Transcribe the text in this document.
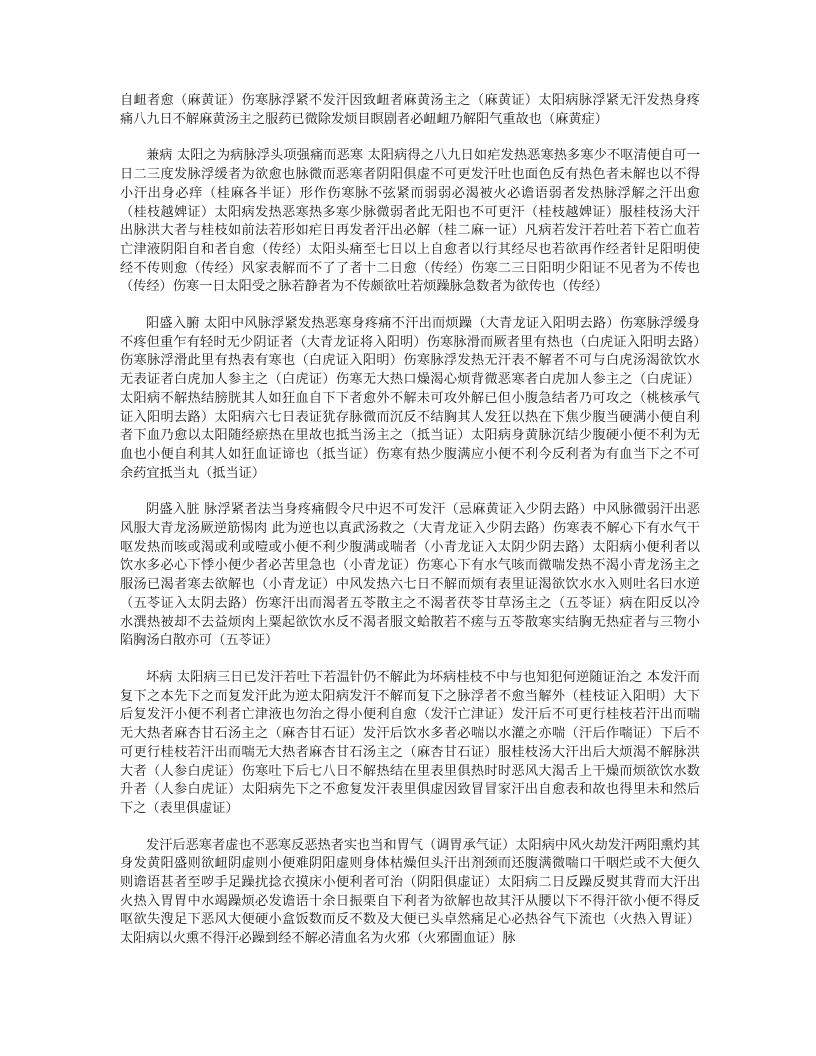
自衄者愈（麻黄证）伤寒脉浮紧不发汗因致衄者麻黄汤主之（麻黄证）太阳病脉浮紧无汗发热身疼痛八九日不解麻黄汤主之服药已微除发烦目瞑剧者必衄衄乃解阳气重故也（麻黄症）

兼病 太阳之为病脉浮头项强痛而恶寒 太阳病得之八九日如疟发热恶寒热多寒少不呕清便自可一日二三度发脉浮缓者为欲愈也脉微而恶寒者阴阳俱虚不可更发汗吐也面色反有热色者未解也以不得小汗出身必痒（桂麻各半证）形作伤寒脉不弦紧而弱弱必渴被火必谵语弱者发热脉浮解之汗出愈（桂枝越婢证）太阳病发热恶寒热多寒少脉微弱者此无阳也不可更汗（桂枝越婢证）服桂枝汤大汗出脉洪大者与桂枝如前法若形如疟日再发者汗出必解（桂二麻一证）凡病若发汗若吐若下若亡血若亡津液阴阳自和者自愈（传经）太阳头痛至七日以上自愈者以行其经尽也若欲再作经者针足阳明使经不传则愈（传经）风家表解而不了了者十二日愈（传经）伤寒二三日阳明少阳证不见者为不传也（传经）伤寒一日太阳受之脉若静者为不传颇欲吐若烦躁脉急数者为欲传也（传经）

阳盛入腑 太阳中风脉浮紧发热恶寒身疼痛不汗出而烦躁（大青龙证入阳明去路）伤寒脉浮缓身不疼但重乍有轻时无少阴证者（大青龙证将入阳明）伤寒脉滑而厥者里有热也（白虎证入阳明去路）伤寒脉浮滑此里有热表有寒也（白虎证入阳明）伤寒脉浮发热无汗表不解者不可与白虎汤渴欲饮水无表证者白虎加人参主之（白虎证）伤寒无大热口燥渴心烦背微恶寒者白虎加人参主之（白虎证）太阳病不解热结膀胱其人如狂血自下下者愈外不解未可攻外解已但小腹急结者乃可攻之（桃核承气证入阳明去路）太阳病六七日表证犹存脉微而沉反不结胸其人发狂以热在下焦少腹当硬满小便自利者下血乃愈以太阳随经瘀热在里故也抵当汤主之（抵当证）太阳病身黄脉沉结少腹硬小便不利为无血也小便自利其人如狂血证谛也（抵当证）伤寒有热少腹满应小便不利今反利者为有血当下之不可余药宜抵当丸（抵当证）

阴盛入脏 脉浮紧者法当身疼痛假令尺中迟不可发汗（忌麻黄证入少阴去路）中风脉微弱汗出恶风服大青龙汤厥逆筋惕肉 此为逆也以真武汤救之（大青龙证入少阴去路）伤寒表不解心下有水气干呕发热而咳或渴或利或噎或小便不利少腹满或喘者（小青龙证入太阴少阴去路）太阳病小便利者以饮水多必心下悸小便少者必苦里急也（小青龙证）伤寒心下有水气咳而微喘发热不渴小青龙汤主之服汤已渴者寒去欲解也（小青龙证）中风发热六七日不解而烦有表里证渴欲饮水水入则吐名曰水逆（五苓证入太阴去路）伤寒汗出而渴者五苓散主之不渴者茯苓甘草汤主之（五苓证）病在阳反以冷水潠热被却不去益烦肉上粟起欲饮水反不渴者服文蛤散若不瘥与五苓散寒实结胸无热症者与三物小陷胸汤白散亦可（五苓证）

坏病 太阳病三日已发汗若吐下若温针仍不解此为坏病桂枝不中与也知犯何逆随证治之 本发汗而复下之本先下之而复发汗此为逆太阳病发汗不解而复下之脉浮者不愈当解外（桂枝证入阳明）大下后复发汗小便不利者亡津液也勿治之得小便利自愈（发汗亡津证）发汗后不可更行桂枝若汗出而喘无大热者麻杏甘石汤主之（麻杏甘石证）发汗后饮水多者必喘以水灌之亦喘（汗后作喘证）下后不可更行桂枝若汗出而喘无大热者麻杏甘石汤主之（麻杏甘石证）服桂枝汤大汗出后大烦渴不解脉洪大者（人参白虎证）伤寒吐下后七八日不解热结在里表里俱热时时恶风大渴舌上干燥而烦欲饮水数升者（人参白虎证）太阳病先下之不愈复发汗表里俱虚因致冒冒家汗出自愈表和故也得里未和然后下之（表里俱虚证）

发汗后恶寒者虚也不恶寒反恶热者实也当和胃气（调胃承气证）太阳病中风火劫发汗两阳熏灼其身发黄阳盛则欲衄阴虚则小便难阴阳虚则身体枯燥但头汗出剂颈而还腹满微喘口干咽烂或不大便久则谵语甚者至哕手足躁扰捻衣摸床小便利者可治（阴阳俱虚证）太阳病二日反躁反熨其背而大汗出火热入胃胃中水竭躁烦必发谵语十余日振栗自下利者为欲解也故其汗从腰以下不得汗欲小便不得反呕欲失溲足下恶风大便硬小盒饭数而反不数及大便已头卓然痛足心必热谷气下流也（火热入胃证）太阳病以火熏不得汗必躁到经不解必清血名为火邪（火邪圊血证）脉
